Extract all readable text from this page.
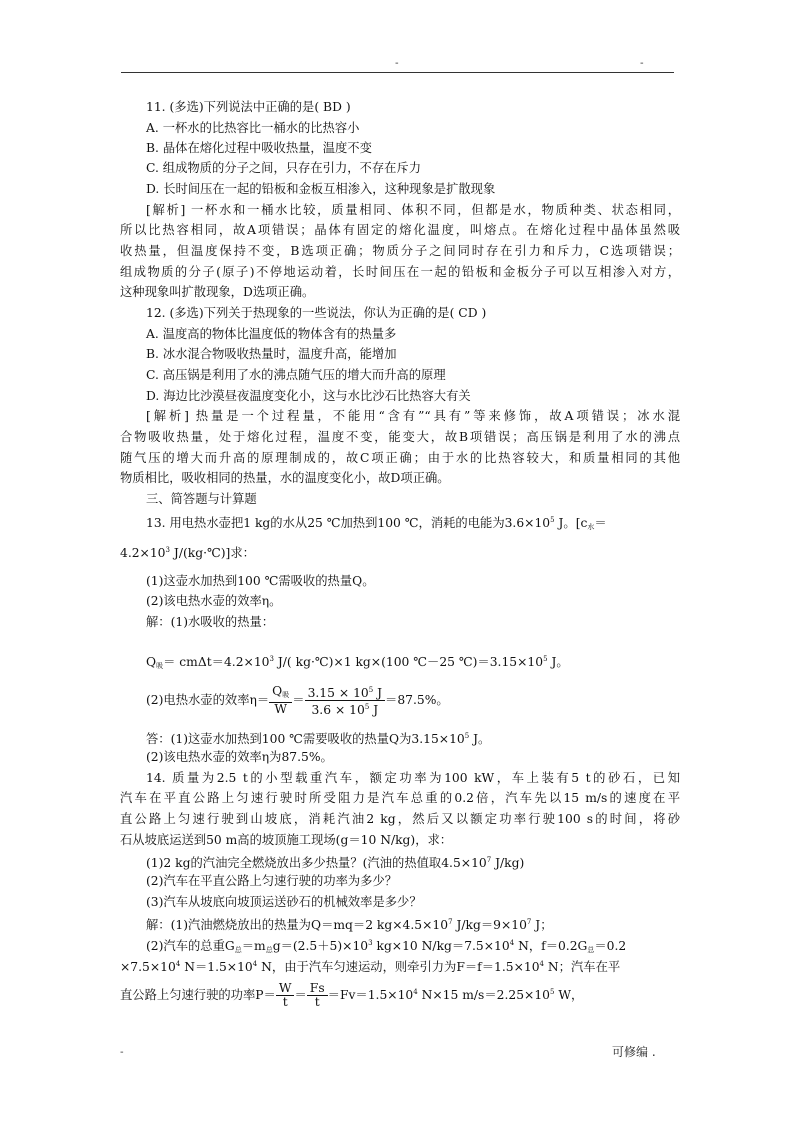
-	-
11. (多选)下列说法中正确的是( BD )
A. 一杯水的比热容比一桶水的比热容小
B. 晶体在熔化过程中吸收热量，温度不变
C. 组成物质的分子之间，只存在引力，不存在斥力
D. 长时间压在一起的铅板和金板互相渗入，这种现象是扩散现象
[解析] 一杯水和一桶水比较，质量相同、体积不同，但都是水，物质种类、状态相同，
所以比热容相同，故A项错误；晶体有固定的熔化温度，叫熔点。在熔化过程中晶体虽然吸
收热量，但温度保持不变，B选项正确；物质分子之间同时存在引力和斥力，C选项错误；
组成物质的分子(原子)不停地运动着，长时间压在一起的铅板和金板分子可以互相渗入对方，
这种现象叫扩散现象，D选项正确。
12. (多选)下列关于热现象的一些说法，你认为正确的是( CD )
A. 温度高的物体比温度低的物体含有的热量多
B. 冰水混合物吸收热量时，温度升高，能增加
C. 高压锅是利用了水的沸点随气压的增大而升高的原理
D. 海边比沙漠昼夜温度变化小，这与水比沙石比热容大有关
[解析] 热量是一个过程量，不能用“含有”“具有”等来修饰，故A项错误；冰水混
合物吸收热量，处于熔化过程，温度不变，能变大，故B项错误；高压锅是利用了水的沸点
随气压的增大而升高的原理制成的，故C项正确；由于水的比热容较大，和质量相同的其他
物质相比，吸收相同的热量，水的温度变化小，故D项正确。
三、简答题与计算题
13. 用电热水壶把1 kg的水从25 ℃加热到100 ℃，消耗的电能为$3.6\times 10^5$ J。[$c_水=$
$4.2\times 10^3$ J/(kg·℃)]求：
(1)这壶水加热到100 ℃需吸收的热量Q。
(2)该电热水壶的效率η。
解：(1)水吸收的热量：
$Q_吸= cm\Delta t=4.2\times 10^3$ J/( kg·℃)×1 kg×(100 ℃－25 $℃)=3.15\times 10^5$ J。
(2)电热水壶的效率$\eta= \frac{Q_吸}{W} = \frac{3.15 \times 10^5 J}{3.6 \times 10^5 J} =87.5\%$。
答：(1)这壶水加热到100 ℃需要吸收的热量Q为$3.15\times 10^5$ J。
(2)该电热水壶的效率η为87.5%。
14. 质量为2.5 t的小型载重汽车，额定功率为100 kW，车上装有5 t的砂石，已知
汽车在平直公路上匀速行驶时所受阻力是汽车总重的0.2倍，汽车先以15 m/s的速度在平
直公路上匀速行驶到山坡底，消耗汽油2 kg，然后又以额定功率行驶100 s的时间，将砂
石从坡底运送到50 m高的坡顶施工现场(g＝10 N/kg)，求：
(1)2 kg的汽油完全燃烧放出多少热量？(汽油的热值取$4.5\times 10^7$ J/kg)
(2)汽车在平直公路上匀速行驶的功率为多少？
(3)汽车从坡底向坡顶运送砂石的机械效率是多少？
解：(1)汽油燃烧放出的热量为Q＝mq＝2 $kg\times 4.5\times 10^7$ $J/kg=9\times 10^7$ J；
(2)汽车的总重$G_总=m_总g=(2.5+5)\times 10^3$ kg×10 $N/kg=7.5\times 10^4$ N，$f=0.2G_总=0.2$
$\times 7.5\times 10^4$ $N=1.5\times 10^4$ N，由于汽车匀速运动，则牵引力为$F=f=1.5\times 10^4$ N；汽车在平
直公路上匀速行驶的功率$P= \frac{W}{t} = \frac{Fs}{t} =Fv=1.5\times 10^4$ N×15 $m/s=2.25\times 10^5$ W，
-	可修编 .
